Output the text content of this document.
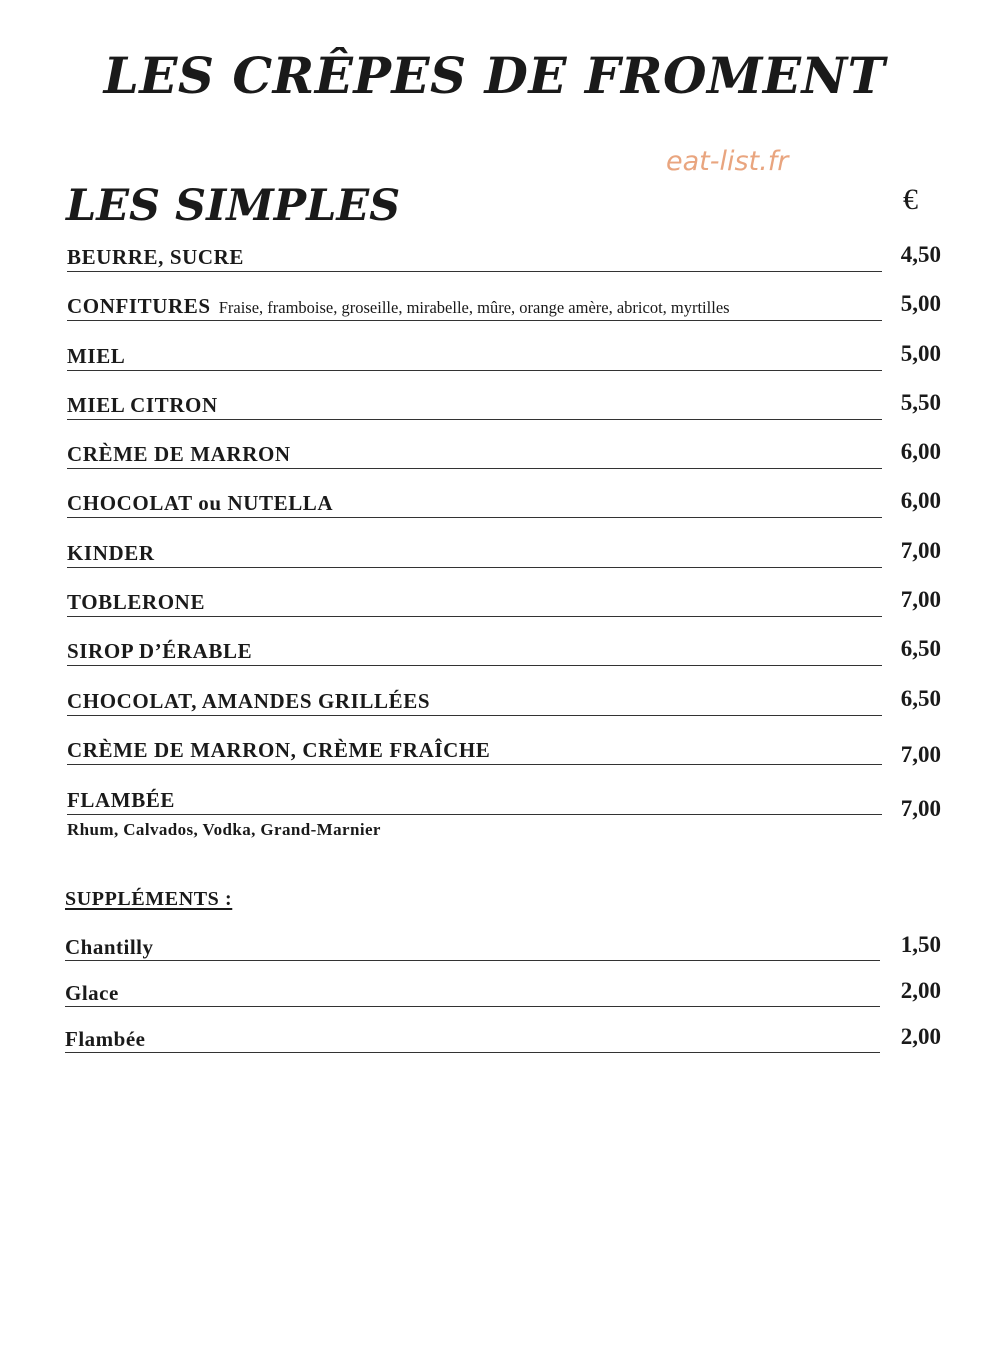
LES CRÊPES DE FROMENT
eat-list.fr
LES SIMPLES	€
BEURRE, SUCRE	4,50
CONFITURES Fraise, framboise, groseille, mirabelle, mûre, orange amère, abricot, myrtilles	5,00
MIEL	5,00
MIEL CITRON	5,50
CRÈME DE MARRON	6,00
CHOCOLAT ou NUTELLA	6,00
KINDER	7,00
TOBLERONE	7,00
SIROP D’ÉRABLE	6,50
CHOCOLAT, AMANDES GRILLÉES	6,50
CRÈME DE MARRON, CRÈME FRAÎCHE	7,00
FLAMBÉE	7,00
Rhum, Calvados, Vodka, Grand-Marnier
SUPPLÉMENTS :
Chantilly	1,50
Glace	2,00
Flambée	2,00
